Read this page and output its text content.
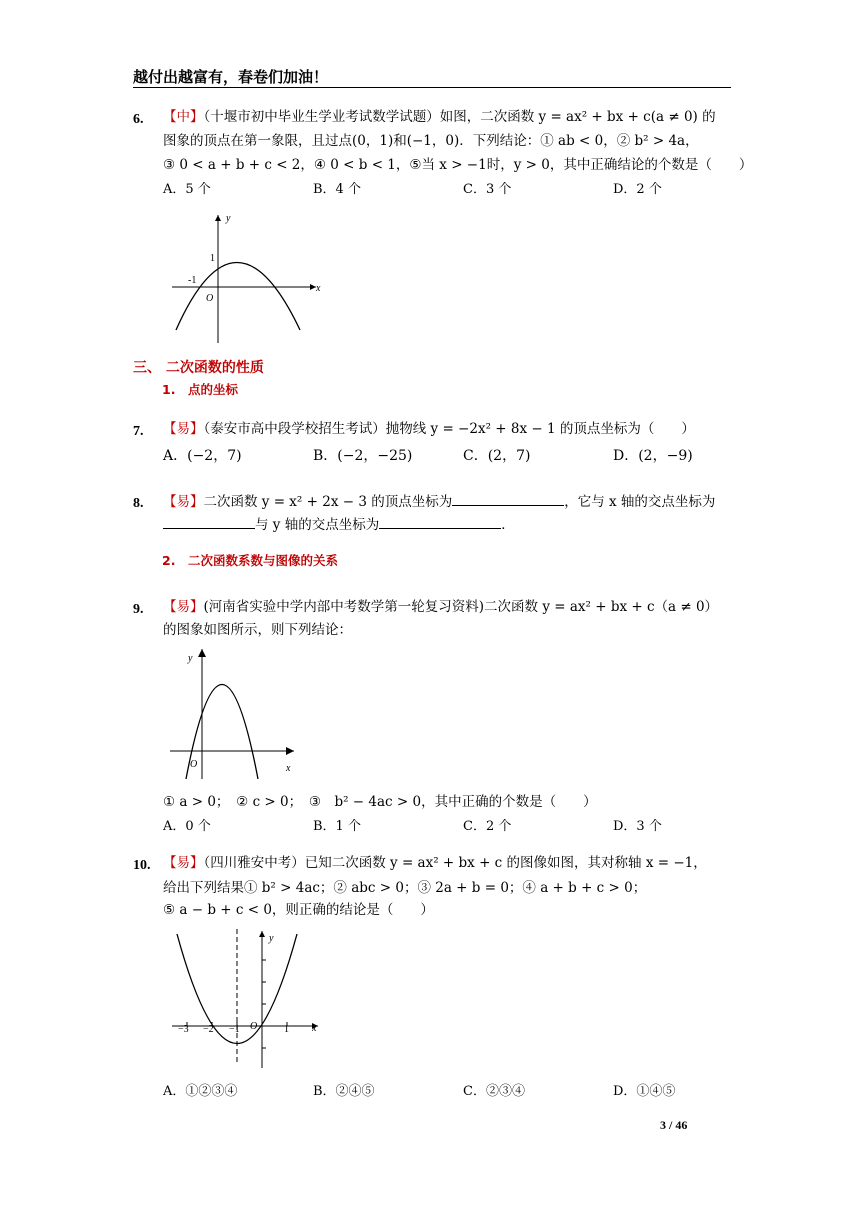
越付出越富有，春卷们加油！
6. 【中】（十堰市初中毕业生学业考试数学试题）如图，二次函数 y = ax² + bx + c(a ≠ 0) 的
图象的顶点在第一象限，且过点(0，1)和(−1，0)．下列结论：① ab < 0，② b² > 4a，
③ 0 < a + b + c < 2，④ 0 < b < 1，⑤当 x > −1时，y > 0，其中正确结论的个数是（　　）
A．5 个	B．4 个	C．3 个	D．2 个
y
x
O
1
-1
三、 二次函数的性质
1.　点的坐标
7. 【易】（泰安市高中段学校招生考试）抛物线 y = −2x² + 8x − 1 的顶点坐标为（　　）
A．(−2，7)	B．(−2，−25)	C．(2，7)	D．(2，−9)
8. 【易】二次函数 y = x² + 2x − 3 的顶点坐标为	，它与 x 轴的交点坐标为
与 y 轴的交点坐标为	．
2.　二次函数系数与图像的关系
9. 【易】(河南省实验中学内部中考数学第一轮复习资料)二次函数 y = ax² + bx + c（a ≠ 0）
的图象如图所示，则下列结论：
y
x
O
① a > 0；　② c > 0；　③　b² − 4ac > 0，其中正确的个数是（　　）
A．0 个	B．1 个	C．2 个	D．3 个
10. 【易】（四川雅安中考）已知二次函数 y = ax² + bx + c 的图像如图，其对称轴 x = −1，
给出下列结果① b² > 4ac；② abc > 0；③ 2a + b = 0；④ a + b + c > 0；
⑤ a − b + c < 0，则正确的结论是（　　）
y
x
O
−3 −2 −1	1
A．①②③④	B．②④⑤	C．②③④	D．①④⑤
3 / 46
